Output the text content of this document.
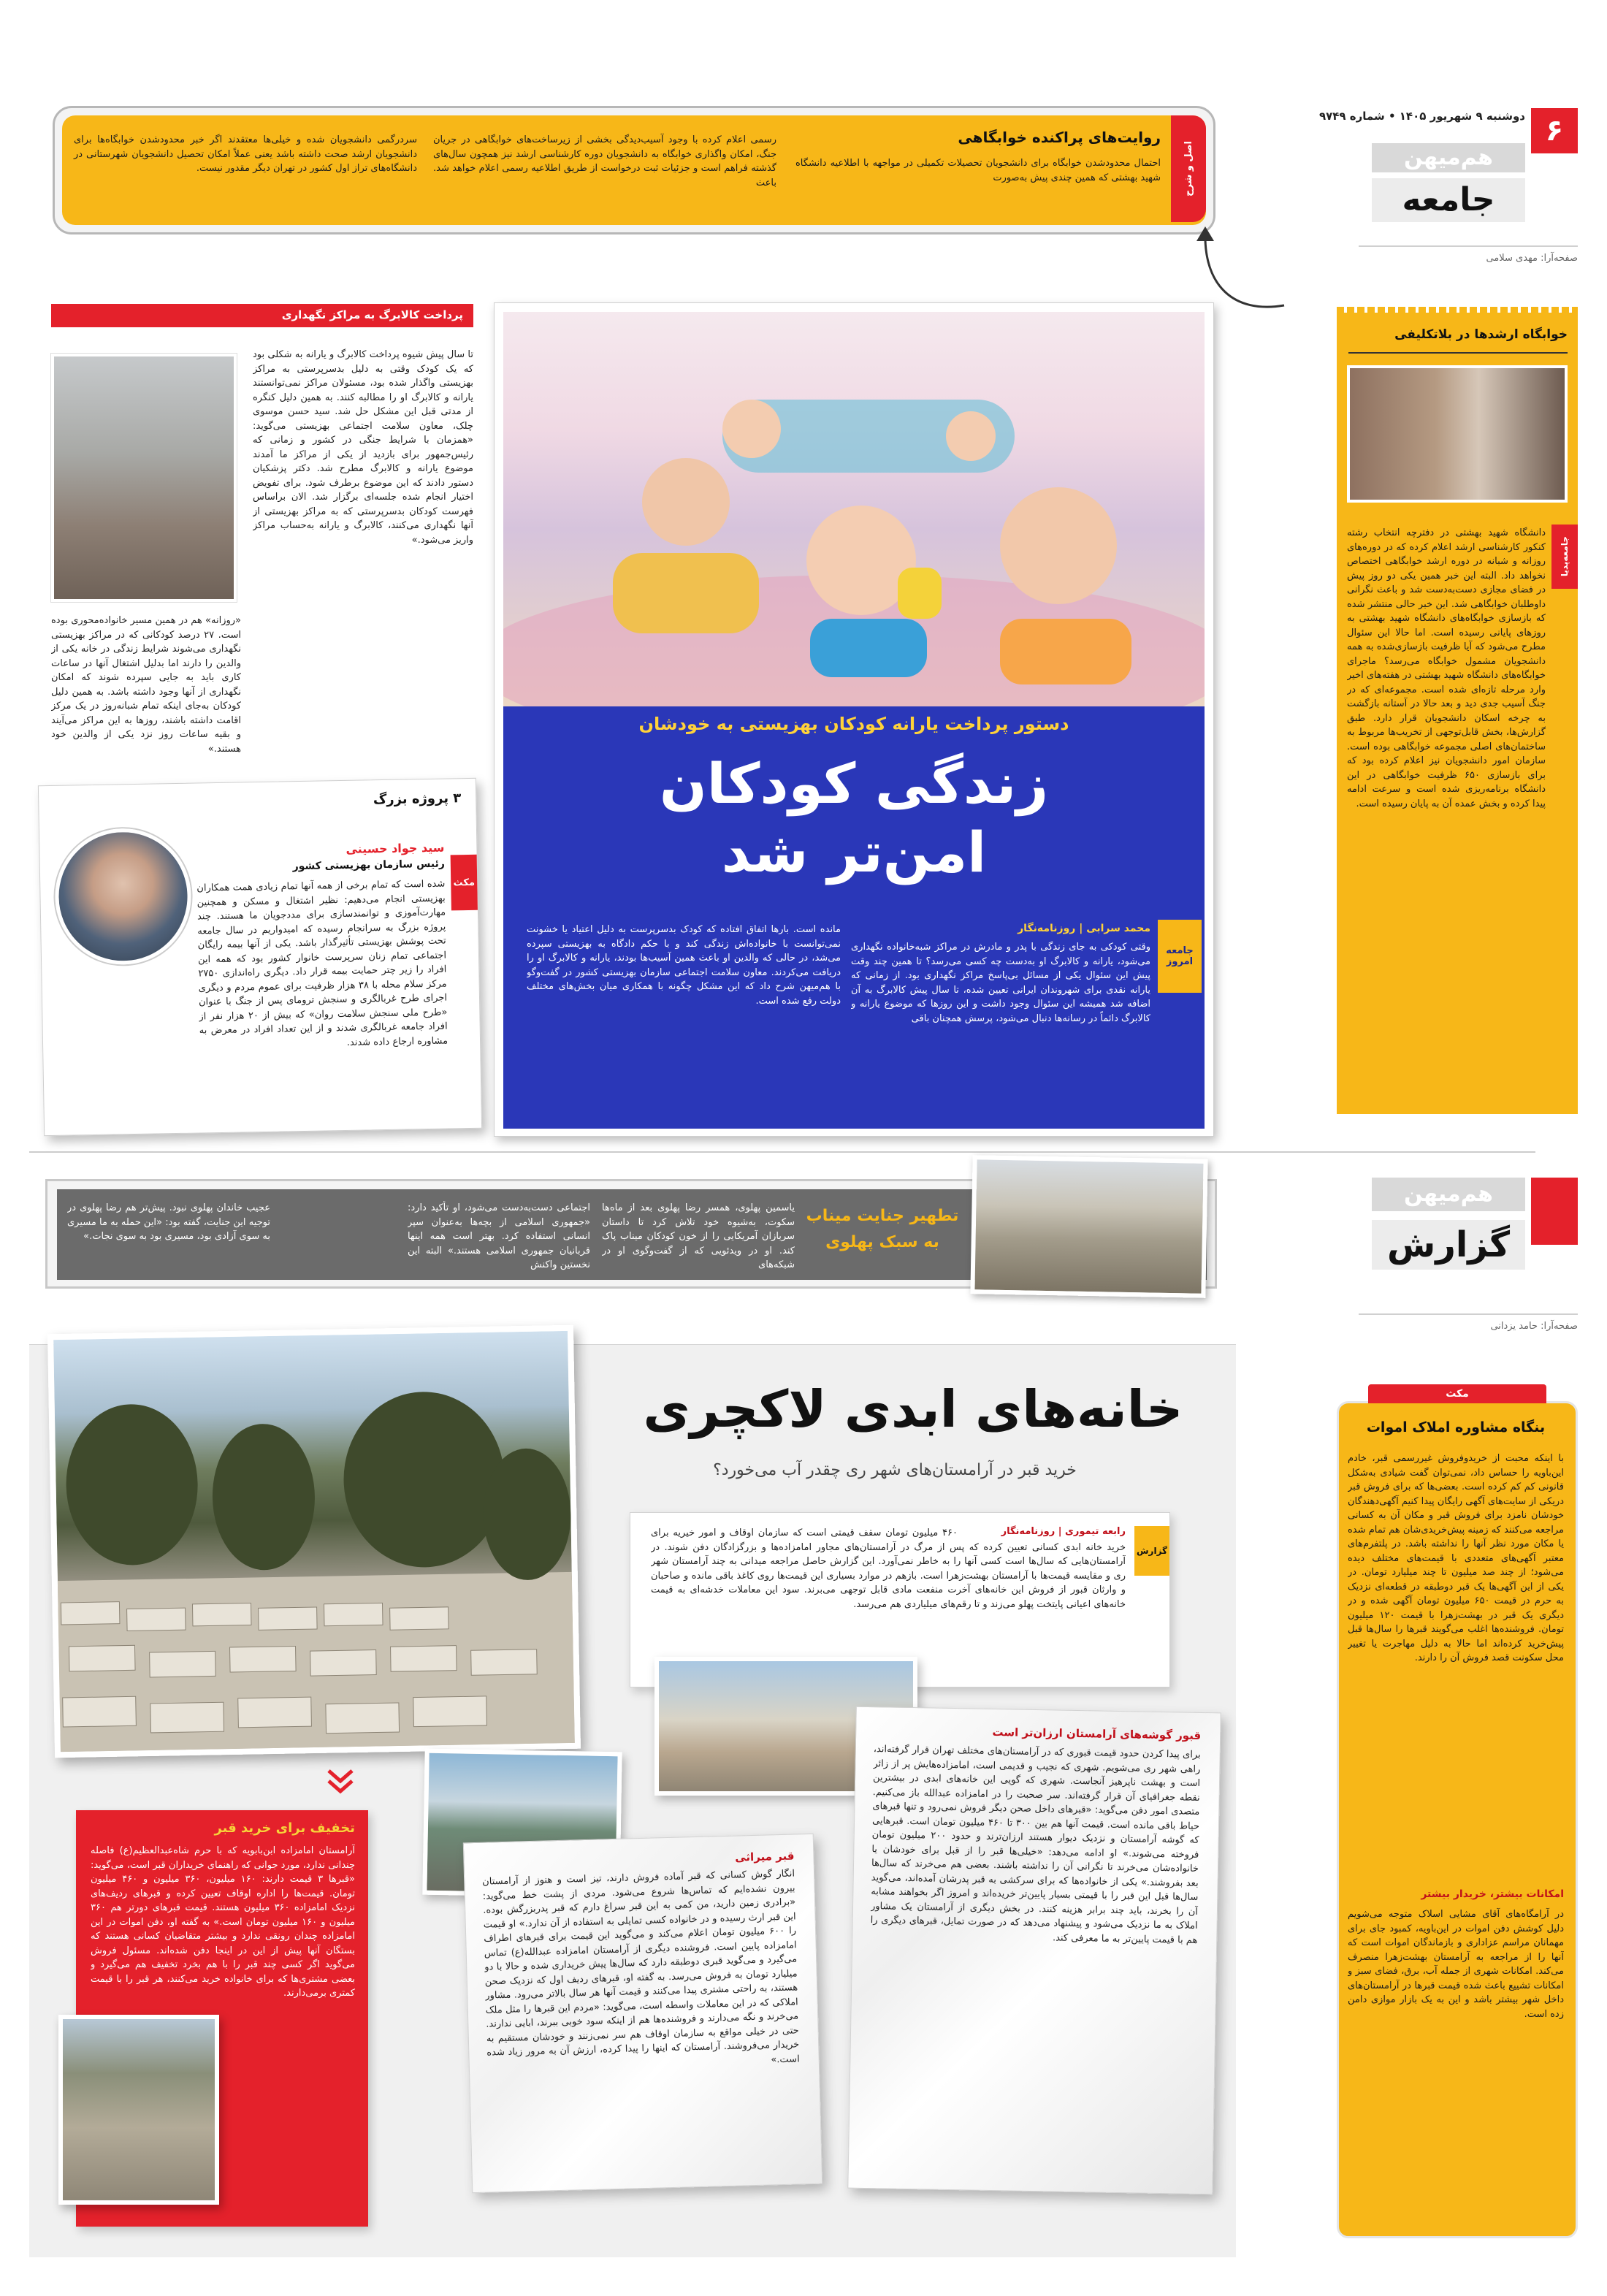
۶
دوشنبه ۹ شهریور ۱۴۰۵ • شماره ۹۷۴۹
هم‌میهن
جامعه
صفحه‌آرا: مهدی سلامی
اصل و شرح
روایت‌های پراکنده خوابگاهی
احتمال محدودشدن خوابگاه برای دانشجویان تحصیلات تکمیلی در مواجهه با اطلاعیه دانشگاه شهید بهشتی که همین چندی پیش به‌صورت
رسمی اعلام کرده با وجود آسیب‌دیدگی بخشی از زیرساخت‌های خوابگاهی در جریان جنگ، امکان واگذاری خوابگاه به دانشجویان دوره کارشناسی ارشد نیز همچون سال‌های گذشته فراهم است و جزئیات ثبت درخواست از طریق اطلاعیه رسمی اعلام خواهد شد. باعث
سردرگمی دانشجویان شده و خیلی‌ها معتقدند اگر خبر محدودشدن خوابگاه‌ها برای دانشجویان ارشد صحت داشته باشد یعنی عملاً امکان تحصیل دانشجویان شهرستانی در دانشگاه‌های تراز اول کشور در تهران دیگر مقدور نیست.
خوابگاه ارشدها در بلاتکلیفی
جامعه‌پدیا
دانشگاه شهید بهشتی در دفترچه انتخاب رشته کنکور کارشناسی ارشد اعلام کرده که در دوره‌های روزانه و شبانه در دوره ارشد خوابگاهی اختصاص نخواهد داد. البته این خبر همین یکی دو روز پیش در فضای مجازی دست‌به‌دست شد و باعث نگرانی داوطلبان خوابگاهی شد. این خبر حالی منتشر شده که بازسازی خوابگاه‌های دانشگاه شهید بهشتی به روزهای پایانی رسیده است. اما حالا این سئوال مطرح می‌شود که آیا ظرفیت بازسازی‌شده به همه دانشجویان مشمول خوابگاه می‌رسد؟ ماجرای خوابگاه‌های دانشگاه شهید بهشتی در هفته‌های اخیر وارد مرحله تازه‌ای شده است. مجموعه‌ای که در جنگ آسیب جدی دید و بعد حالا در آستانه بازگشت به چرخه اسکان دانشجویان قرار دارد. طبق گزارش‌ها، بخش قابل‌توجهی از تخریب‌ها مربوط به ساختمان‌های اصلی مجموعه خوابگاهی بوده است. سازمان امور دانشجویان نیز اعلام کرده بود که برای بازسازی ۶۵۰ ظرفیت خوابگاهی در این دانشگاه برنامه‌ریزی شده است و سرعت ادامه پیدا کرده و بخش عمده آن به پایان رسیده است.
پرداخت کالابرگ به مراکز نگهداری
تا سال پیش شیوه پرداخت کالابرگ و یارانه به شکلی بود که یک کودک وقتی به دلیل بدسرپرستی به مراکز بهزیستی واگذار شده بود، مسئولان مراکز نمی‌توانستند یارانه و کالابرگ او را مطالبه کنند. به همین دلیل کنگره از مدتی قبل این مشکل حل شد. سید حسن موسوی چلک، معاون سلامت اجتماعی بهزیستی می‌گوید: «همزمان با شرایط جنگی در کشور و زمانی که رئیس‌جمهور برای بازدید از یکی از مراکز ما آمدند موضوع یارانه و کالابرگ مطرح شد. دکتر پزشکیان دستور دادند که این موضوع برطرف شود. برای تفویض اختیار انجام شده جلسه‌ای برگزار شد. الان براساس فهرست کودکان بدسرپرستی که به مراکز بهزیستی از آنها نگهداری می‌کنند، کالابرگ و یارانه به‌حساب مراکز واریز می‌شود.»
«روزانه» هم در همین مسیر خانواده‌محوری بوده است. ۲۷ درصد کودکانی که در مراکز بهزیستی نگهداری می‌شوند شرایط زندگی در خانه یکی از والدین را دارند اما بدلیل اشتغال آنها در ساعات کاری باید به جایی سپرده شوند که امکان نگهداری از آنها وجود داشته باشد. به همین دلیل کودکان به‌جای اینکه تمام شبانه‌روز در یک مرکز اقامت داشته باشند، روزها به این مراکز می‌آیند و بقیه ساعات روز نزد یکی از والدین خود هستند.»
۳ پروژه بزرگ
مکث
سید جواد حسینی
رئیس سازمان بهزیستی کشور
شده است که تمام برخی از همه آنها تمام زیادی همت همکاران بهزیستی انجام می‌دهیم: نظیر اشتغال و مسکن و همچنین مهارت‌آموزی و توانمندسازی برای مددجویان ما هستند. چند پروژه بزرگ به سرانجام رسیده که امیدواریم در سال جامعه تحت پوشش بهزیستی تأثیرگذار باشد. یکی از آنها بیمه رایگان اجتماعی تمام زنان سرپرست خانوار کشور بود که همه این افراد را زیر چتر حمایت بیمه قرار داد. دیگری راه‌اندازی ۲۷۵۰ مرکز سلام محله با ۳۸ هزار ظرفیت برای عموم مردم و دیگری اجرای طرح غربالگری و سنجش ترومای پس از جنگ با عنوان «طرح ملی سنجش سلامت روان» که بیش از ۲۰ هزار نفر از افراد جامعه غربالگری شدند و از این تعداد افراد در معرض به مشاوره ارجاع داده شدند.
دستور پرداخت یارانه کودکان بهزیستی به خودشان
زندگی کودکان
امن‌تر شد
جامعه
امروز
محمد سرابی | روزنامه‌نگار
وقتی کودکی به جای زندگی با پدر و مادرش در مراکز شبه‌خانواده نگهداری می‌شود، یارانه و کالابرگ او به‌دست چه کسی می‌رسد؟ تا همین چند وقت پیش این سئوال یکی از مسائل بی‌پاسخ مراکز نگهداری بود. از زمانی که یارانه نقدی برای شهروندان ایرانی تعیین شده، تا سال پیش کالابرگ به آن اضافه شد همیشه این سئوال وجود داشت و این روزها که موضوع یارانه و کالابرگ دائماً در رسانه‌ها دنبال می‌شود، پرسش همچنان باقی
مانده است. بارها اتفاق افتاده که کودک بدسرپرست به دلیل اعتیاد یا خشونت نمی‌توانست با خانواده‌اش زندگی کند و با حکم دادگاه به بهزیستی سپرده می‌شد، در حالی که والدین او باعث همین آسیب‌ها بودند، یارانه و کالابرگ او را دریافت می‌کردند. معاون سلامت اجتماعی سازمان بهزیستی کشور در گفت‌وگو با هم‌میهن شرح داد که این مشکل چگونه با همکاری میان بخش‌های مختلف دولت رفع شده است.
هم‌میهن
گزارش
صفحه‌آرا: حامد یزدانی
تطهیر جنایت میناب
به سبک پهلوی
یاسمین پهلوی، همسر رضا پهلوی بعد از ماه‌ها سکوت، به‌شیوه خود تلاش کرد تا داستان سربازان آمریکایی را از خون کودکان میناب پاک کند. او در ویدئویی که از گفت‌وگوی او در شبکه‌های
اجتماعی دست‌به‌دست می‌شود، او تأکید دارد: «جمهوری اسلامی از بچه‌ها به‌عنوان سپر انسانی استفاده کرد. بهتر است همه اینها قربانیان جمهوری اسلامی هستند.» البته این نخستین واکنش
عجیب خاندان پهلوی نبود. پیش‌تر هم رضا پهلوی در توجیه این جنایت، گفته بود: «این حمله به ما مسیری به سوی آزادی بود، مسیری بود به سوی نجات.»
مکث
بنگاه مشاوره املاک اموات
با اینکه محبت از خریدوفروش غیررسمی قبر، خادم این‌باویه را حساس داد، نمی‌توان گفت شیادی به‌شکل قانونی کم‌ کم کرده است. بعضی‌ها که برای فروش قبر دریکی از سایت‌های آگهی رایگان پیدا کنیم آگهی‌دهندگان خودشان نامزد برای فروش قبر و مکان آن به کسانی مراجعه می‌کنند که زمینه پیش‌خریدی‌شان هم تمام شده یا مکان مورد نظر آنها را نداشته باشد. در پلتفرم‌های معتبر آگهی‌های متعددی با قیمت‌های مختلف دیده می‌شود؛ از چند صد میلیون تا چند میلیارد تومان. در یکی از این آگهی‌ها یک قبر دوطبقه در قطعه‌ای نزدیک به حرم در قیمت ۶۵۰ میلیون تومان آگهی شده و در دیگری یک قبر در بهشت‌زهرا با قیمت ۱۲۰ میلیون تومان. فروشنده‌ها اغلب می‌گویند قبرها را سال‌ها قبل پیش‌خرید کرده‌اند اما حالا به دلیل مهاجرت یا تغییر محل سکونت قصد فروش آن را دارند.
امکانات بیشتر، خریدار بیشتر
در آرامگاه‌های آقای مشایی اسلاک متوجه می‌شویم دلیل کوشش دفن اموات در این‌باویه، کمبود جای برای مهمانان مراسم عزاداری و بازماندگان اموات است که آنها را از مراجعه به آرامستان بهشت‌زهرا منصرف می‌کند. امکانات شهری از جمله آب، برق، فضای سبز و امکانات تشییع باعث شده قیمت قبرها در آرامستان‌های داخل شهر بیشتر باشد و این به یک بازار موازی دامن زده است.
خانه‌های ابدی لاکچری
خرید قبر در آرامستان‌های شهر ری چقدر آب می‌خورد؟
گزارش
رابعه تیموری | روزنامه‌نگار
۴۶۰ میلیون تومان سقف قیمتی است که سازمان اوقاف و امور خیریه برای خرید خانه ابدی کسانی تعیین کرده که پس از مرگ در آرامستان‌های مجاور امامزاده‌ها و بزرگزادگان دفن شوند. در آرامستان‌هایی که سال‌ها است کسی آنها را به خاطر نمی‌آورد. این گزارش حاصل مراجعه میدانی به چند آرامستان شهر ری و مقایسه قیمت‌ها با آرامستان بهشت‌زهرا است. بازهم در موارد بسیاری این قیمت‌ها روی کاغذ باقی مانده و صاحبان و وارثان قبور از فروش این خانه‌های آخرت منفعت مادی قابل توجهی می‌برند. سود این معاملات خدشه‌ای به قیمت خانه‌های اعیانی پایتخت پهلو می‌زند و تا رقم‌های میلیاردی هم می‌رسد.
تخفیف برای خرید قبر
آرامستان امامزاده ابن‌بابویه که با حرم شاه‌عبدالعظیم(ع) فاصله چندانی ندارد، مورد جوانی که راهنمای خریداران قبر است، می‌گوید: «قبرها ۳ قیمت دارند: ۱۶۰ میلیون، ۳۶۰ میلیون و ۴۶۰ میلیون تومان. قیمت‌ها را اداره اوقاف تعیین کرده و قبرهای ردیف‌های نزدیک امامزاده ۳۶۰ میلیون هستند. قیمت قبرهای دورتر هم ۳۶۰ میلیون و ۱۶۰ میلیون تومان است.» به گفته او، دفن اموات در این امامزاده چندان رونقی ندارد و بیشتر متقاضیان کسانی هستند که بستگان آنها پیش از این در اینجا دفن شده‌اند. مسئول فروش می‌گوید اگر کسی چند قبر را با هم بخرد تخفیف هم می‌گیرد و بعضی مشتری‌ها که برای خانواده خرید می‌کنند، هر قبر را با قیمت کمتری برمی‌دارند.
قبر میراثی
انگار گوش کسانی که قبر آماده فروش دارند، تیز است و هنوز از آرامستان بیرون نشده‌ایم که تماس‌ها شروع می‌شود. مردی از پشت خط می‌گوید: «برادری زمین دارید، من کمی به این قبر سراغ دارم که قبر پدربزرگش بوده. این قبر ارث رسیده و در خانواده کسی تمایلی به استفاده از آن ندارد.» او قیمت را ۶۰۰ میلیون تومان اعلام می‌کند و می‌گوید این قیمت برای قبرهای اطراف امامزاده پایین است. فروشنده دیگری از آرامستان امامزاده عبدالله(ع) تماس می‌گیرد و می‌گوید قبری دوطبقه دارد که سال‌ها پیش خریداری شده و حالا با دو میلیارد تومان به فروش می‌رسد. به گفته او، قبرهای ردیف اول که نزدیک صحن هستند، به راحتی مشتری پیدا می‌کنند و قیمت آنها هر سال بالاتر می‌رود. مشاور املاکی که در این معاملات واسطه است، می‌گوید: «مردم این قبرها را مثل ملک می‌خرند و نگه می‌دارند و فروشنده‌ها هم از اینکه سود خوبی ببرند، ابایی ندارند. حتی در خیلی مواقع به سازمان اوقاف هم سر نمی‌زنند و خودشان مستقیم به خریدار می‌فروشند. آرامستان که اینها را پیدا کرده، ارزش آن به مرور زیاد شده است.»
قبور گوشه‌های آرامستان ارزان‌تر است
برای پیدا کردن حدود قیمت قبوری که در آرامستان‌های مختلف تهران قرار گرفته‌اند، راهی شهر ری می‌شویم. شهری که نجیب و قدیمی است، امامزاده‌هایش پر از زائر است و بهشت ناپرهیز آنجاست. شهری که گویی این خانه‌های ابدی در بیشترین نقطه جغرافیای آن قرار گرفته‌اند. سر صحبت را در امامزاده عبدالله باز می‌کنیم. متصدی امور دفن می‌گوید: «قبرهای داخل صحن دیگر فروش نمی‌رود و تنها قبرهای حیاط باقی مانده است. قیمت آنها هم بین ۳۰۰ تا ۴۶۰ میلیون تومان است. قبرهایی که گوشه آرامستان و نزدیک دیوار هستند ارزان‌ترند و حدود ۲۰۰ میلیون تومان فروخته می‌شوند.» او ادامه می‌دهد: «خیلی‌ها قبر را از قبل برای خودشان یا خانواده‌شان می‌خرند تا نگرانی آن را نداشته باشند. بعضی هم می‌خرند که سال‌ها بعد بفروشند.» یکی از خانواده‌ها که برای سرکشی به قبر پدرشان آمده‌اند، می‌گوید سال‌ها قبل این قبر را با قیمتی بسیار پایین‌تر خریده‌اند و امروز اگر بخواهند مشابه آن را بخرند، باید چند برابر هزینه کنند. در بخش دیگری از آرامستان یک مشاور املاک به ما نزدیک می‌شود و پیشنهاد می‌دهد که در صورت تمایل، قبرهای دیگری را هم با قیمت پایین‌تر به ما معرفی کند.
